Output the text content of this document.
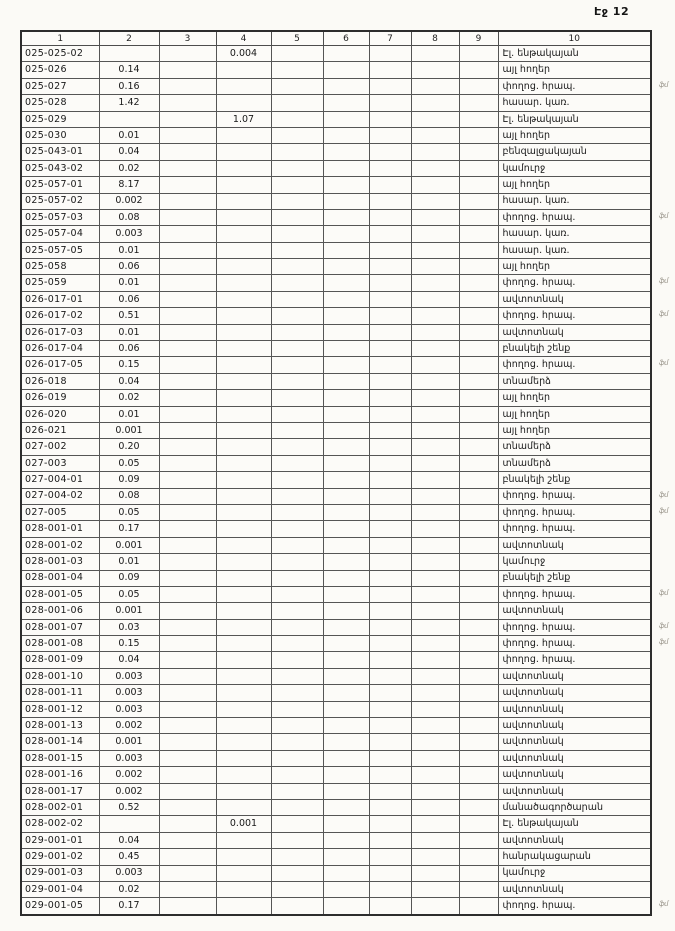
Էջ 12
1	2	3	4	5	6	7	8	9	10
025-025-02			0.004						Էլ. ենթակայան
025-026	0.14								այլ հողեր
025-027	0.16								փողոց. հրապ. ֆմ

025-028	1.42								հասար. կառ.
025-029			1.07						Էլ. ենթակայան
025-030	0.01								այլ հողեր
025-043-01	0.04								բենզալցակայան
025-043-02	0.02								կամուրջ
025-057-01	8.17								այլ հողեր
025-057-02	0.002								հասար. կառ.
025-057-03	0.08								փողոց. հրապ. ֆմ

025-057-04	0.003								հասար. կառ.
025-057-05	0.01								հասար. կառ.
025-058	0.06								այլ հողեր
025-059	0.01								փողոց. հրապ. ֆմ

026-017-01	0.06								ավտոտնակ
026-017-02	0.51								փողոց. հրապ. ֆմ

026-017-03	0.01								ավտոտնակ
026-017-04	0.06								բնակելի շենք
026-017-05	0.15								փողոց. հրապ. ֆմ

026-018	0.04								տնամերձ
026-019	0.02								այլ հողեր
026-020	0.01								այլ հողեր
026-021	0.001								այլ հողեր
027-002	0.20								տնամերձ
027-003	0.05								տնամերձ
027-004-01	0.09								բնակելի շենք
027-004-02	0.08								փողոց. հրապ. ֆմ

027-005	0.05								փողոց. հրապ. ֆմ

028-001-01	0.17								փողոց. հրապ.
028-001-02	0.001								ավտոտնակ
028-001-03	0.01								կամուրջ
028-001-04	0.09								բնակելի շենք
028-001-05	0.05								փողոց. հրապ. ֆմ

028-001-06	0.001								ավտոտնակ
028-001-07	0.03								փողոց. հրապ. ֆմ

028-001-08	0.15								փողոց. հրապ. ֆմ

028-001-09	0.04								փողոց. հրապ.
028-001-10	0.003								ավտոտնակ
028-001-11	0.003								ավտոտնակ
028-001-12	0.003								ավտոտնակ
028-001-13	0.002								ավտոտնակ
028-001-14	0.001								ավտոտնակ
028-001-15	0.003								ավտոտնակ
028-001-16	0.002								ավտոտնակ
028-001-17	0.002								ավտոտնակ
028-002-01	0.52								մանածագործարան
028-002-02			0.001						Էլ. ենթակայան
029-001-01	0.04								ավտոտնակ
029-001-02	0.45								հանրակացարան
029-001-03	0.003								կամուրջ
029-001-04	0.02								ավտոտնակ
029-001-05	0.17								փողոց. հրապ. ֆմ
